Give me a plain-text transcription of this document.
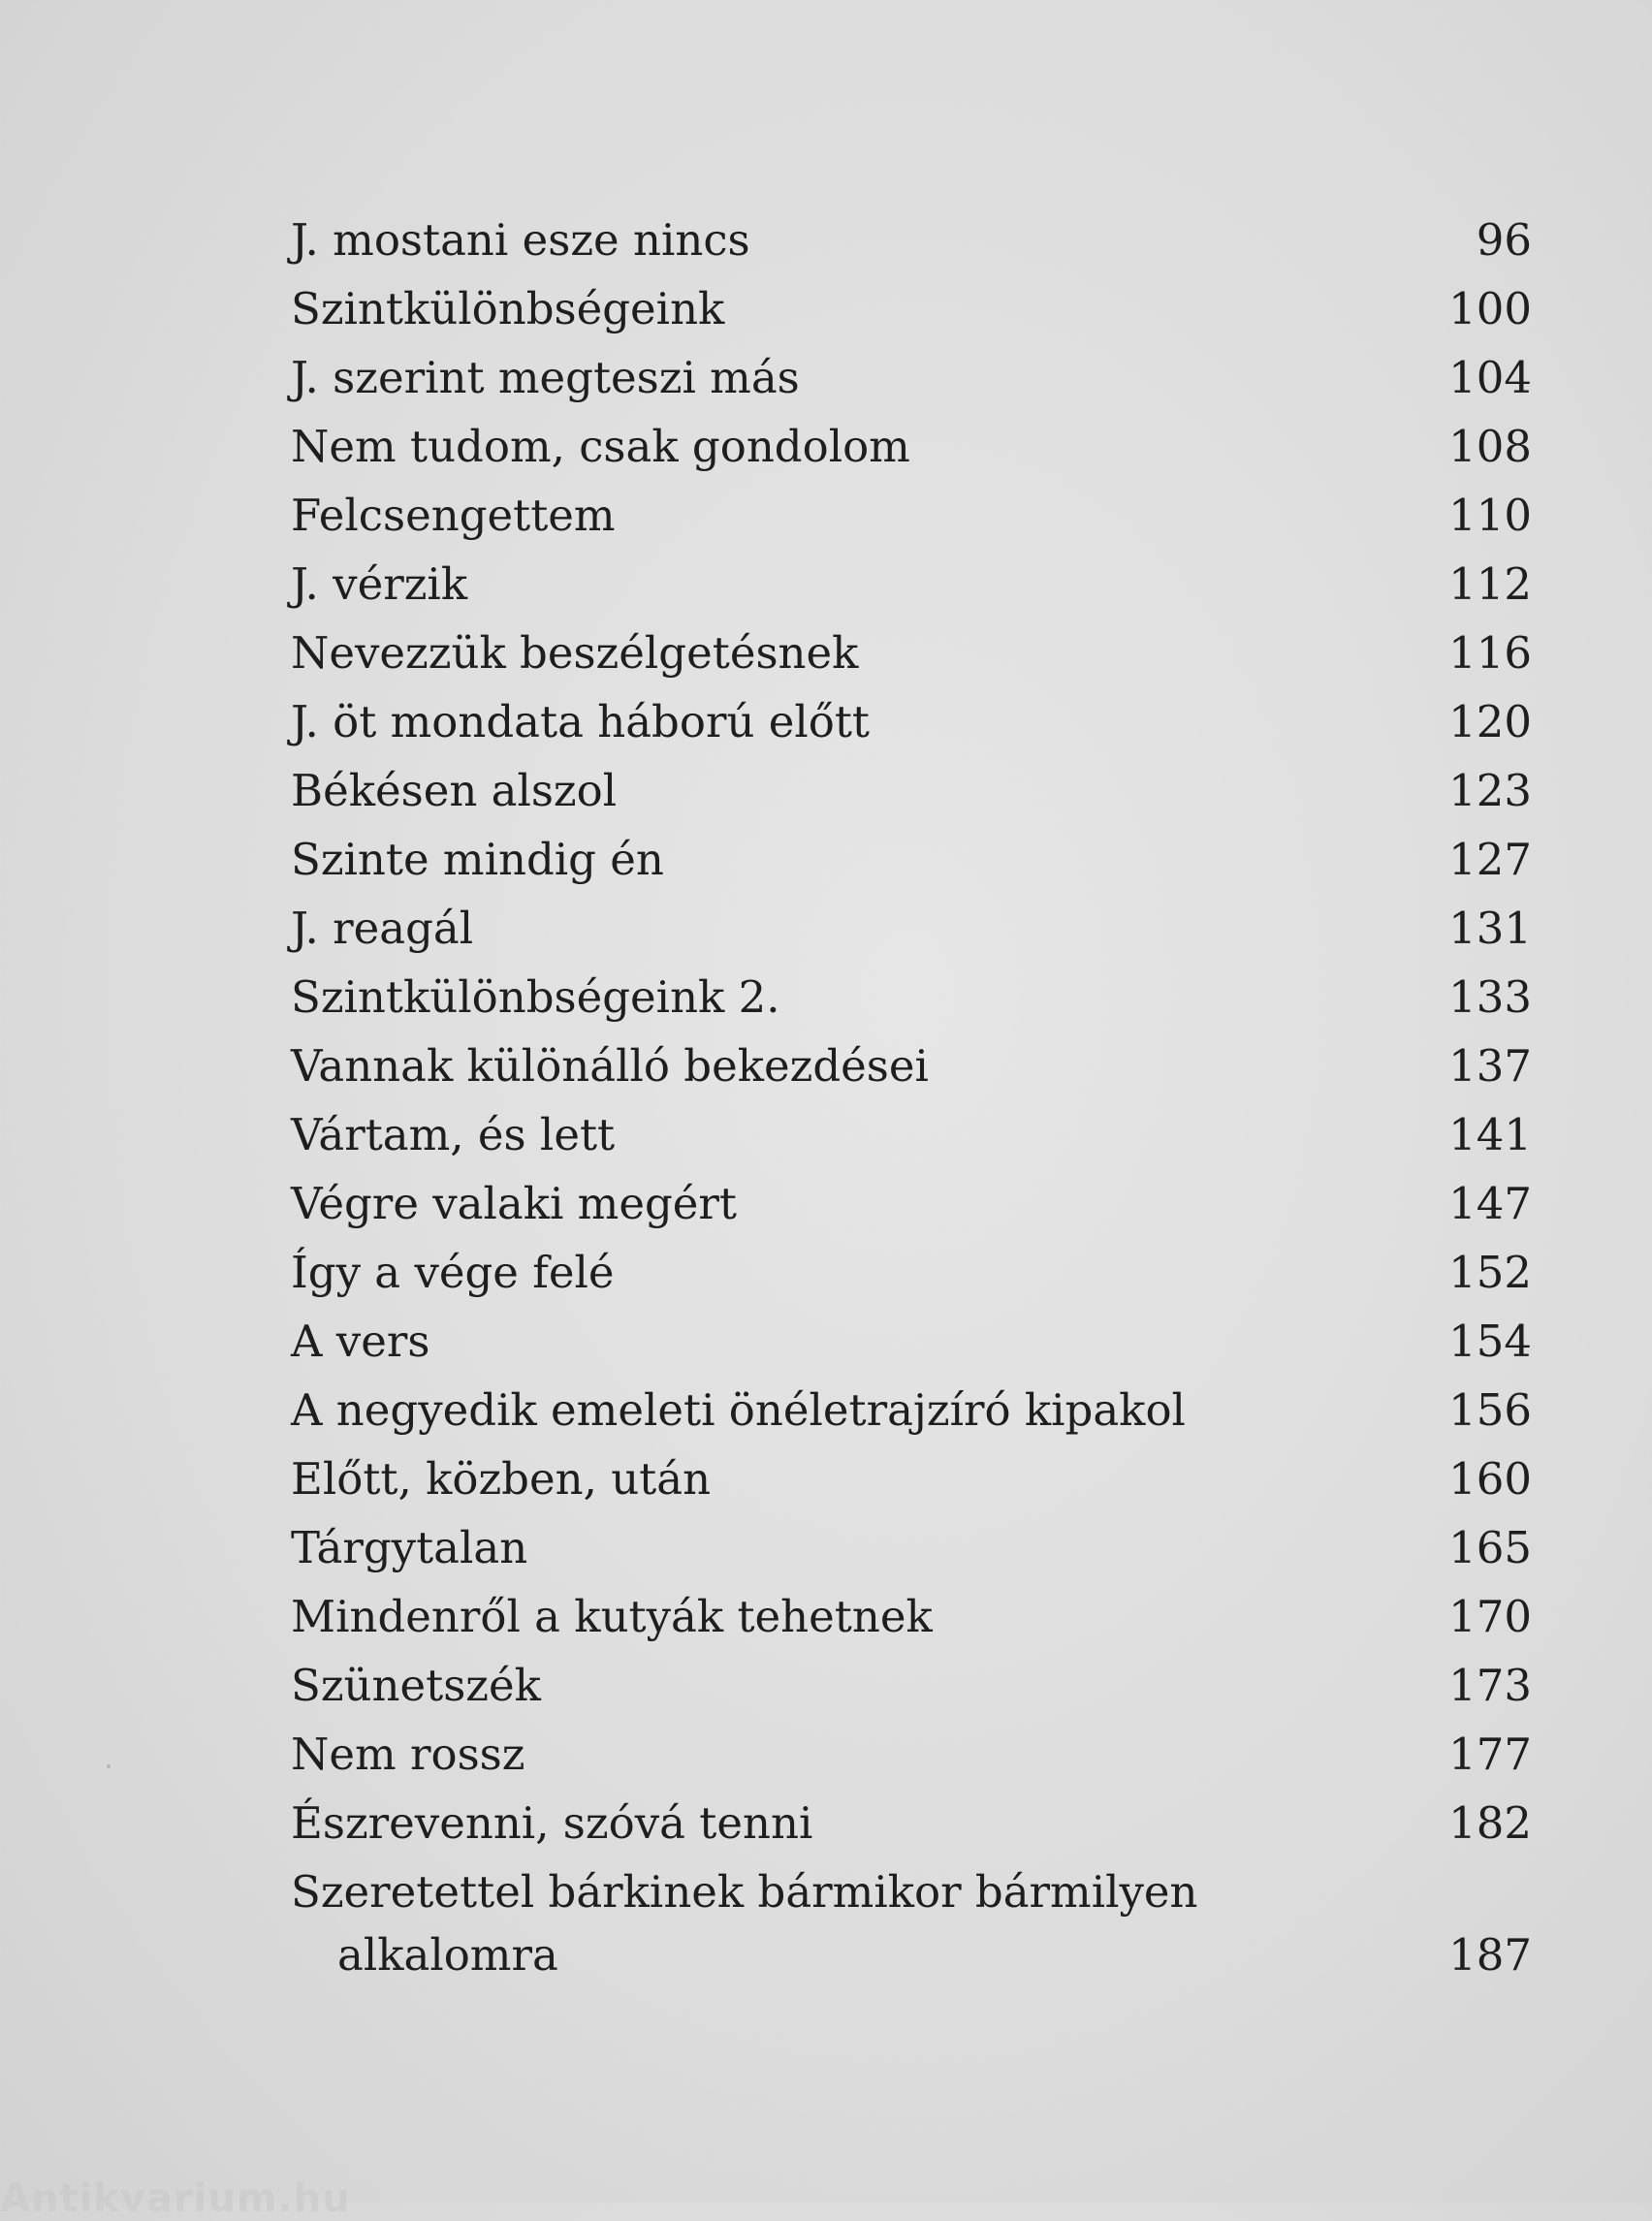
J. mostani esze nincs	96
Szintkülönbségeink	100
J. szerint megteszi más	104
Nem tudom, csak gondolom	108
Felcsengettem	110
J. vérzik	112
Nevezzük beszélgetésnek	116
J. öt mondata háború előtt	120
Békésen alszol	123
Szinte mindig én	127
J. reagál	131
Szintkülönbségeink 2.	133
Vannak különálló bekezdései	137
Vártam, és lett	141
Végre valaki megért	147
Így a vége felé	152
A vers	154
A negyedik emeleti önéletrajzíró kipakol	156
Előtt, közben, után	160
Tárgytalan	165
Mindenről a kutyák tehetnek	170
Szünetszék	173
Nem rossz	177
Észrevenni, szóvá tenni	182
Szeretettel bárkinek bármikor bármilyen
alkalomra	187
Antikvarium.hu
